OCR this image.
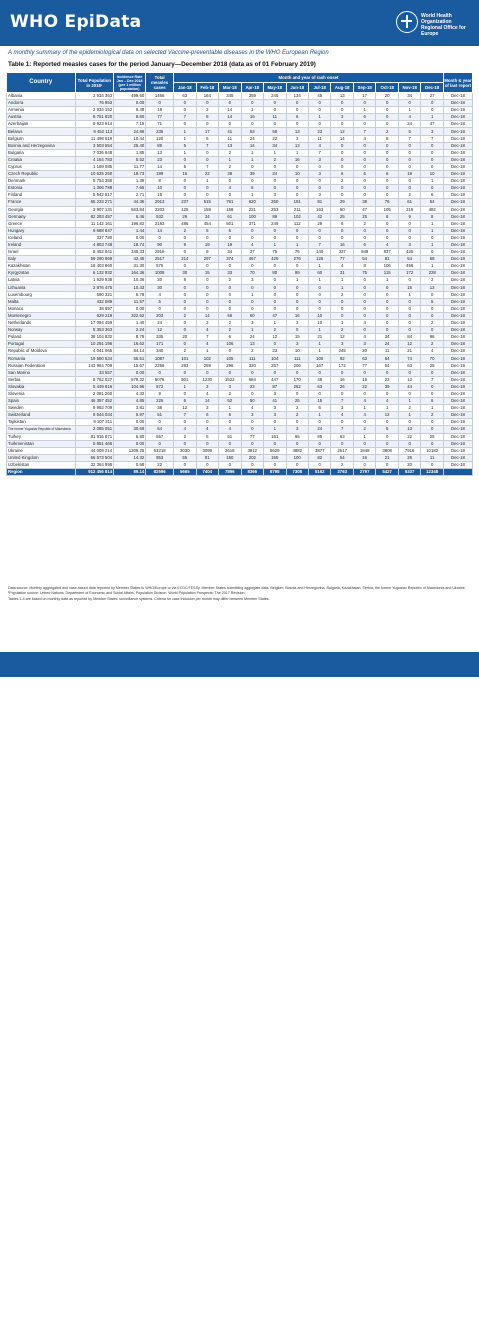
WHO EpiData	World Health
Organization
Regional Office for
Europe
A monthly summary of the epidemiological data on selected Vaccine-preventable diseases in the WHO European Region
Table 1: Reported measles cases for the period January—December 2018 (data as of 01 February 2019)
Country	Total Population in 2018¹	Incidence Rate Jan – Dec 2018 (per 1 million population)	Total measles cases	Month and year of rash onset												Month & year of last report
				Jan-18	Feb-18	Mar-18	Apr-18	May-18	Jun-18	Jul-18	Aug-18	Sep-18	Oct-18	Nov-18	Dec-18	
Albania	2 934 363	499.60	1466	63	164	345	359	245	134	45	13	17	20	34	27	Dec-18
Andorra	76 953	0.00	0	0	0	0	0	0	0	0	0	0	0	0	0	Dec-18
Armenia	2 934 152	6.48	19	0	2	14	1	0	0	0	0	1	0	1	0	Dec-18
Austria	8 751 820	8.80	77	7	8	14	16	11	6	1	3	6	0	4	1	Dec-18
Azerbaijan	9 923 914	7.15	71	0	0	0	0	0	0	0	0	0	0	24	47	Dec-18
Belarus	9 452 113	24.86	235	1	17	41	53	58	13	23	12	7	2	5	3	Dec-18
Belgium	11 498 519	10.44	120	1	6	11	24	22	3	11	14	4	8	7	7	Dec-18
Bosnia and Herzegovina	3 503 554	25.40	89	5	7	13	14	34	13	4	0	0	0	0	0	Dec-18
Bulgaria	7 036 848	1.85	13	1	0	2	1	1	1	7	0	0	0	0	0	Dec-18
Croatia	4 164 783	5.52	23	0	0	1	1	2	16	3	0	0	0	0	0	Dec-18
Cyprus	1 189 085	11.77	14	5	7	2	0	0	0	0	0	0	0	0	0	Dec-18
Czech Republic	10 625 250	18.73	199	16	22	38	39	24	10	3	6	6	6	19	10	Dec-18
Denmark	5 754 356	1.39	8	0	1	0	0	0	0	0	2	0	0	0	1	Dec-18
Estonia	1 306 788	7.65	10	0	0	4	6	0	0	0	0	0	0	0	0	Dec-18
Finland	5 542 517	2.71	15	0	0	0	1	3	0	3	0	0	0	2	6	Dec-18
France	65 233 271	44.36	2913	237	515	761	620	250	191	81	29	38	76	61	54	Dec-18
Georgia	3 907 131	563.84	2203	125	159	158	221	253	211	163	60	47	105	219	482	Dec-18
Germany	82 293 457	6.46	532	29	34	61	100	89	102	42	25	25	8	9	8	Dec-18
Greece	11 142 161	196.82	2193	486	454	501	371	249	112	29	8	2	0	0	1	Dec-18
Hungary	9 688 847	1.44	14	2	5	6	0	0	0	0	0	0	0	0	1	Dec-18
Iceland	337 780	0.00	0	0	0	0	0	0	0	0	0	0	0	0	0	Dec-18
Ireland	4 803 748	18.74	90	9	19	19	4	1	1	7	16	6	4	3	1	Dec-18
Israel	8 452 841	345.33	2919	0	9	34	37	75	76	140	337	949	837	425	0	Dec-18
Italy	59 290 969	42.45	2517	214	297	374	467	429	276	126	77	54	81	54	68	Dec-18
Kazakhstan	18 403 860	31.30	576	0	0	0	0	0	0	1	4	8	106	456	1	Dec-18
Kyrgyzstan	6 132 932	164.36	1008	30	15	33	70	80	99	60	31	75	115	172	228	Dec-18
Latvia	1 929 938	10.36	20	8	0	2	3	0	1	1	1	0	1	0	2	Dec-18
Lithuania	2 876 475	10.43	30	0	0	0	0	0	0	0	1	0	0	15	13	Dec-18
Luxembourg	590 321	6.78	4	0	0	0	1	0	0	0	2	0	0	1	0	Dec-18
Malta	432 089	11.57	5	0	0	0	0	0	0	0	0	0	0	0	5	Dec-18
Monaco	38 897	0.00	0	0	0	0	0	0	0	0	0	0	0	0	0	Dec-18
Montenegro	629 219	322.62	203	2	14	56	60	47	16	10	0	0	0	0	0	Dec-18
Netherlands	17 084 459	1.40	24	0	2	2	3	1	3	10	1	4	0	0	2	Dec-18
Norway	5 353 363	2.24	12	0	4	2	1	2	0	1	2	0	0	0	0	Dec-18
Poland	38 104 832	8.79	335	20	7	6	24	12	15	21	12	4	34	84	96	Dec-18
Portugal	10 291 196	16.62	171	0	4	106	13	0	3	1	3	3	24	12	2	Dec-18
Republic of Moldova	4 041 065	84.14	340	2	1	0	2	23	10	1	245	20	11	21	4	Dec-18
Romania	19 580 634	55.51	1087	101	102	105	111	104	111	100	92	63	54	74	70	Dec-18
Russian Federation	143 964 709	15.67	2256	293	259	296	320	257	206	167	172	77	54	63	25	Dec-18
San Marino	33 557	0.00	0	0	0	0	0	0	0	0	0	0	0	0	0	Dec-18
Serbia	8 762 027	579.32	5076	901	1230	1522	684	447	170	49	16	15	23	12	7	Dec-18
Slovakia	5 449 816	104.96	572	1	2	3	23	87	262	63	26	22	39	44	0	Dec-18
Slovenia	2 081 260	4.32	9	0	4	2	0	3	0	0	0	0	0	0	0	Dec-18
Spain	46 397 452	4.85	225	6	14	52	50	41	25	15	7	4	4	1	6	Dec-18
Sweden	9 982 709	3.81	38	12	3	1	4	3	2	5	3	1	1	2	1	Dec-18
Switzerland	8 544 034	5.97	51	7	6	6	3	3	2	1	4	4	12	1	2	Dec-18
Tajikistan	9 107 211	0.00	0	0	0	0	0	0	0	0	0	0	0	0	0	Dec-18
The former Yugoslav Republic of Macedonia	2 085 051	30.69	64	4	4	4	0	1	3	24	7	2	5	13	0	Dec-18
Turkey	81 916 871	6.80	557	2	5	51	77	161	65	85	63	1	0	22	25	Dec-18
Turkmenistan	5 851 466	0.00	0	0	0	0	0	0	0	0	0	0	0	0	0	Dec-18
Ukraine	44 009 214	1209.25	53218	3030	3099	2618	3812	5629	4882	3877	2517	1848	3808	7916	10182	Dec-18
United Kingdom	66 573 504	14.32	953	55	81	150	202	155	100	82	54	16	21	26	11	Dec-18
Uzbekistan	32 364 996	0.68	22	0	0	0	0	0	0	0	2	0	0	20	0	Dec-18
Region	912 456 814	89.14	82596	5665	7404	7896	8366	8798	7308	5162	3763	2797	5427	9337	12348	
Data source: Monthly aggregated and case-based data reported by Member States to WHO/Europe or via ECDC/TESSy. Member States submitting aggregate data: Belgium, Bosnia and Herzegovina, Bulgaria, Kazakhstan, Serbia, the former Yugoslav Republic of Macedonia and Ukraine.
¹Population source: United Nations, Department of Economic and Social Affairs, Population Division. World Population Prospects: The 2017 Revision.
Tables 1-4 are based on monthly data as reported by Member States' surveillance systems. Criteria for case inclusion per month may differ between Member States.
No. 01/2019
